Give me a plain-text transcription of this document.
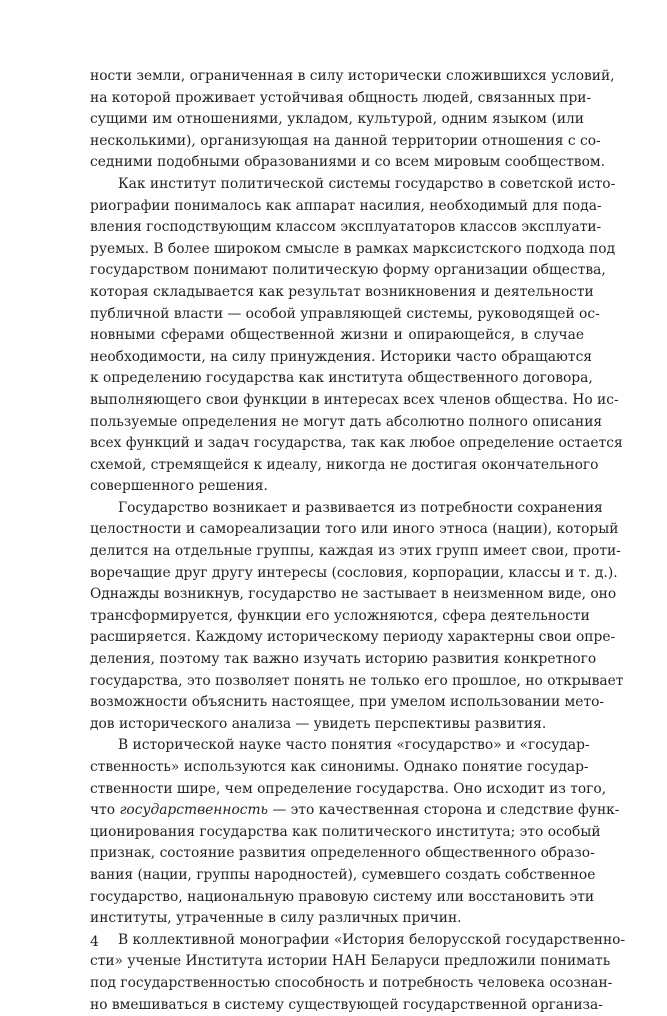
ности земли, ограниченная в силу исторически сложившихся условий,
на которой проживает устойчивая общность людей, связанных при-
сущими им отношениями, укладом, культурой, одним языком (или
несколькими), организующая на данной территории отношения с со-
седними подобными образованиями и со всем мировым сообществом.
Как институт политической системы государство в советской исто-
риографии понималось как аппарат насилия, необходимый для пода-
вления господствующим классом эксплуататоров классов эксплуати-
руемых. В более широком смысле в рамках марксистского подхода под
государством понимают политическую форму организации общества,
которая складывается как результат возникновения и деятельности
публичной власти — особой управляющей системы, руководящей ос-
новными сферами общественной жизни и опирающейся, в случае
необходимости, на силу принуждения. Историки часто обращаются
к определению государства как института общественного договора,
выполняющего свои функции в интересах всех членов общества. Но ис-
пользуемые определения не могут дать абсолютно полного описания
всех функций и задач государства, так как любое определение остается
схемой, стремящейся к идеалу, никогда не достигая окончательного
совершенного решения.
Государство возникает и развивается из потребности сохранения
целостности и самореализации того или иного этноса (нации), который
делится на отдельные группы, каждая из этих групп имеет свои, проти-
воречащие друг другу интересы (сословия, корпорации, классы и т. д.).
Однажды возникнув, государство не застывает в неизменном виде, оно
трансформируется, функции его усложняются, сфера деятельности
расширяется. Каждому историческому периоду характерны свои опре-
деления, поэтому так важно изучать историю развития конкретного
государства, это позволяет понять не только его прошлое, но открывает
возможности объяснить настоящее, при умелом использовании мето-
дов исторического анализа — увидеть перспективы развития.
В исторической науке часто понятия «государство» и «государ-
ственность» используются как синонимы. Однако понятие государ-
ственности шире, чем определение государства. Оно исходит из того,
что государственность — это качественная сторона и следствие функ-
ционирования государства как политического института; это особый
признак, состояние развития определенного общественного образо-
вания (нации, группы народностей), сумевшего создать собственное
государство, национальную правовую систему или восстановить эти
институты, утраченные в силу различных причин.
В коллективной монографии «История белорусской государственно-
сти» ученые Института истории НАН Беларуси предложили понимать
под государственностью способность и потребность человека осознан-
но вмешиваться в систему существующей государственной организа-
4
